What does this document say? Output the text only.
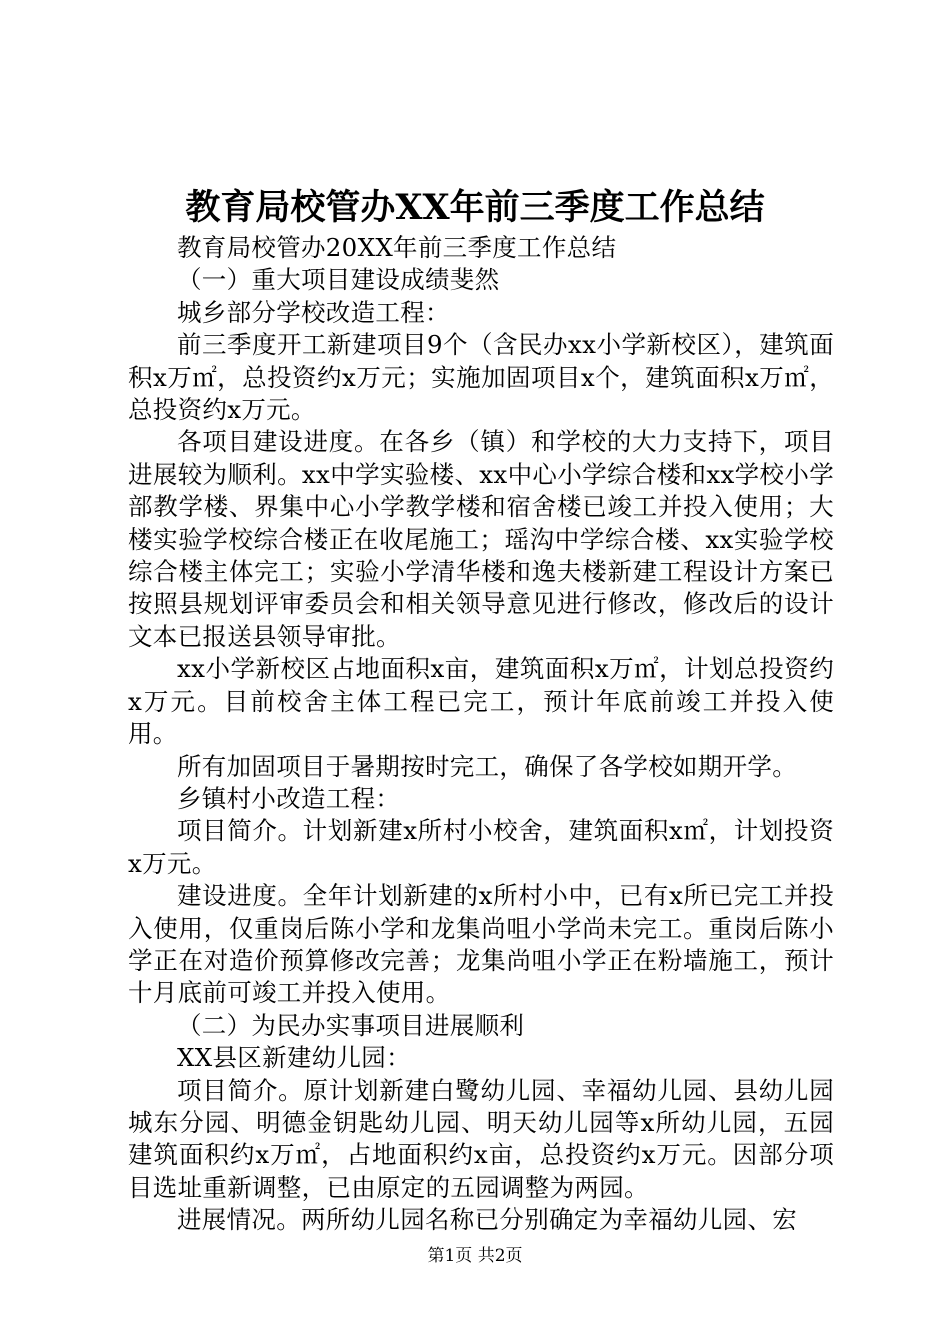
教育局校管办XX年前三季度工作总结

教育局校管办20XX年前三季度工作总结

（一）重大项目建设成绩斐然

城乡部分学校改造工程：

前三季度开工新建项目9个（含民办xx小学新校区），建筑面积x万㎡，总投资约x万元；实施加固项目x个，建筑面积x万㎡，总投资约x万元。

各项目建设进度。在各乡（镇）和学校的大力支持下，项目进展较为顺利。xx中学实验楼、xx中心小学综合楼和xx学校小学部教学楼、界集中心小学教学楼和宿舍楼已竣工并投入使用；大楼实验学校综合楼正在收尾施工；瑶沟中学综合楼、xx实验学校综合楼主体完工；实验小学清华楼和逸夫楼新建工程设计方案已按照县规划评审委员会和相关领导意见进行修改，修改后的设计文本已报送县领导审批。

xx小学新校区占地面积x亩，建筑面积x万㎡，计划总投资约x万元。目前校舍主体工程已完工，预计年底前竣工并投入使用。

所有加固项目于暑期按时完工，确保了各学校如期开学。

乡镇村小改造工程：

项目简介。计划新建x所村小校舍，建筑面积x㎡，计划投资x万元。

建设进度。全年计划新建的x所村小中，已有x所已完工并投入使用，仅重岗后陈小学和龙集尚咀小学尚未完工。重岗后陈小学正在对造价预算修改完善；龙集尚咀小学正在粉墙施工，预计十月底前可竣工并投入使用。

（二）为民办实事项目进展顺利

XX县区新建幼儿园：

项目简介。原计划新建白鹭幼儿园、幸福幼儿园、县幼儿园城东分园、明德金钥匙幼儿园、明天幼儿园等x所幼儿园，五园建筑面积约x万㎡，占地面积约x亩，总投资约x万元。因部分项目选址重新调整，已由原定的五园调整为两园。

进展情况。两所幼儿园名称已分别确定为幸福幼儿园、宏

第1页 共2页
